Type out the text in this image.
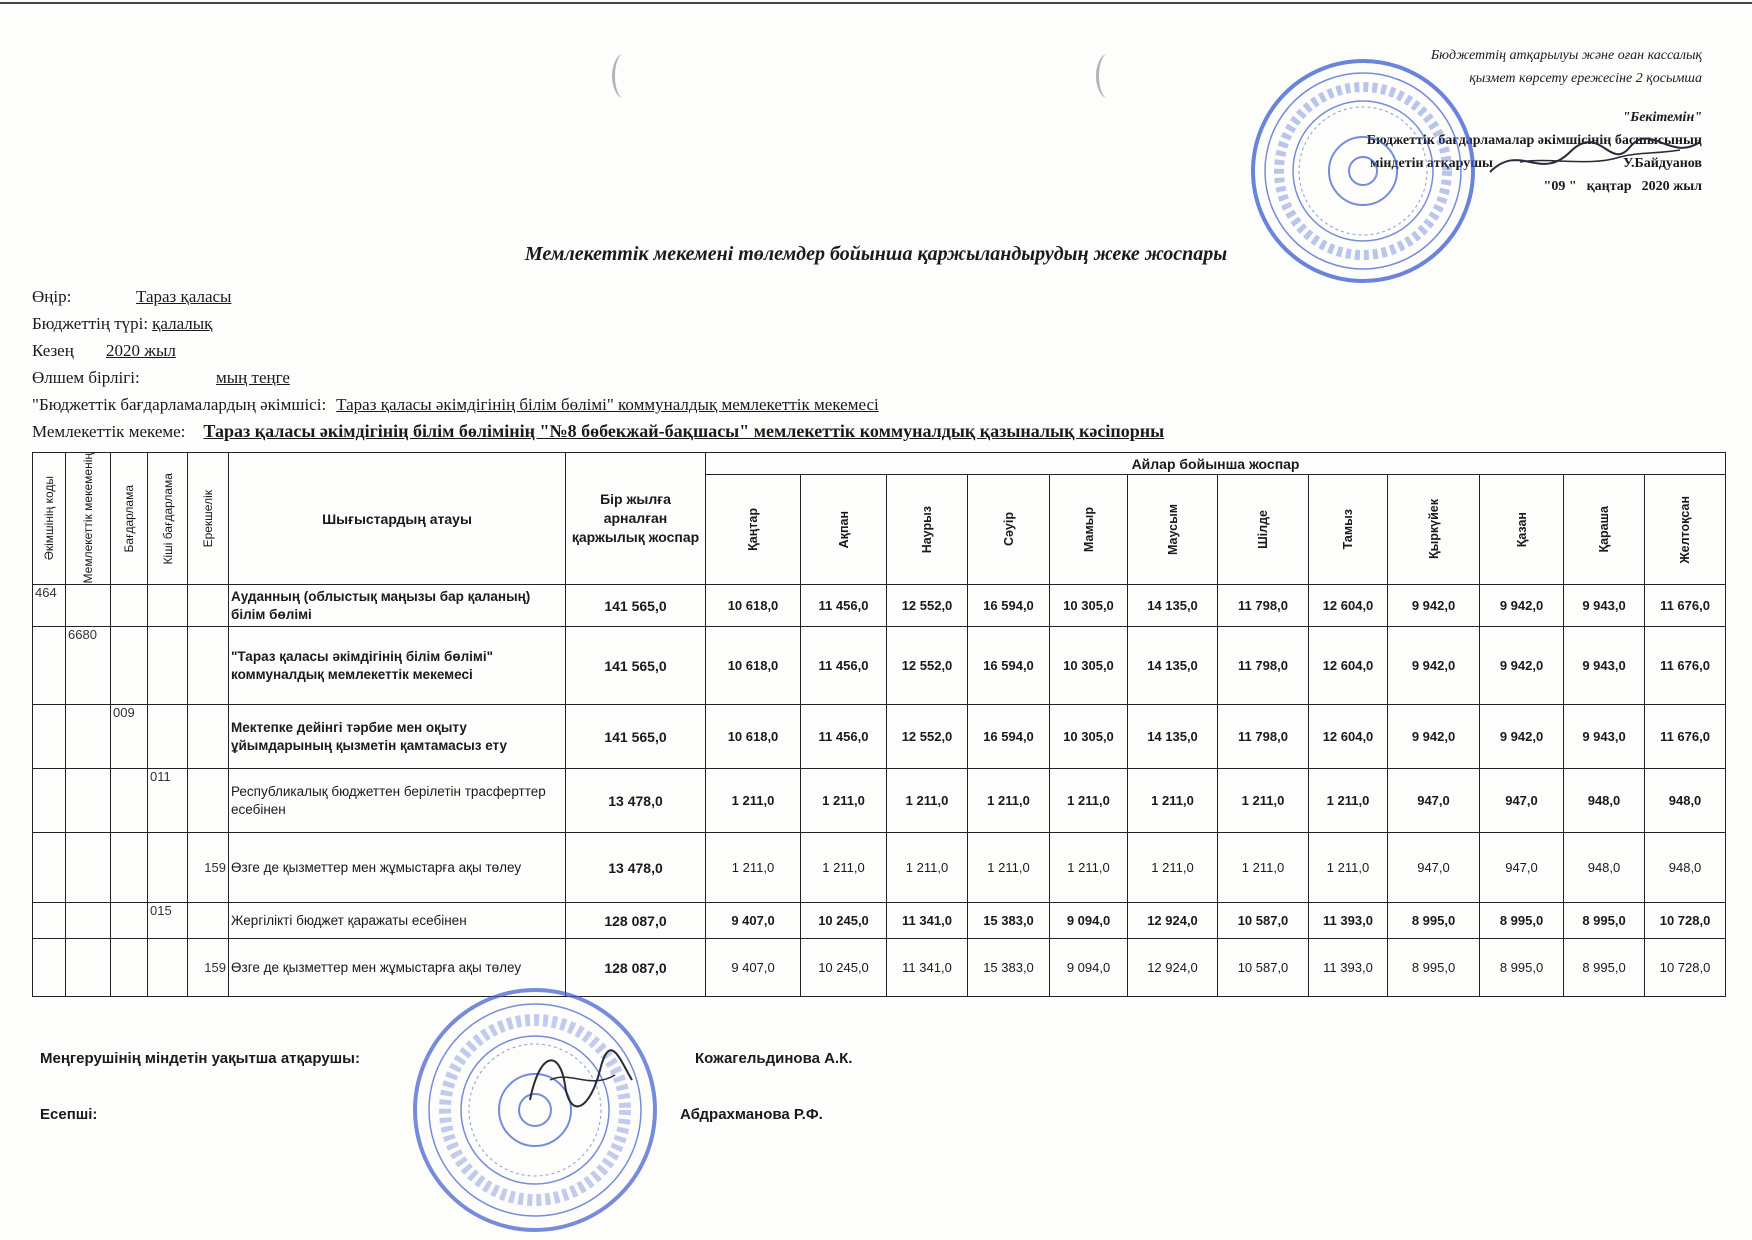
Бюджеттің атқарылуы және оған кассалық
қызмет көрсету ережесіне 2 қосымша
"Бекітемін"
Бюджеттік бағдарламалар әкімшісінің басшысының
міндетін атқарушы	У.Байдуанов
"09 " қаңтар 2020 жыл
Мемлекеттік мекемені төлемдер бойынша қаржыландырудың жеке жоспары
Өңір:	Тараз қаласы
Бюджеттің түрі: қалалық
Кезең	2020 жыл
Өлшем бірлігі:	мың теңге
"Бюджеттік бағдарламалардың әкімшісі: Тараз қаласы әкімдігінің білім бөлімі" коммуналдық мемлекеттік мекемесі
Мемлекеттік мекеме: Тараз қаласы әкімдігінің білім бөлімінің "№8 бөбекжай-бақшасы" мемлекеттік коммуналдық қазыналық кәсіпорны
Әкімшінің коды	Мемлекеттік мекеменің	Бағдарлама	Кіші бағдарлама	Ерекшелік	Шығыстардың атауы	Бір жылға арналған қаржылық жоспар	Айлар бойынша жоспар											

							Қаңтар	Ақпан	Наурыз	Сәуір	Мамыр	Маусым	Шілде	Тамыз	Қыркүйек	Қазан	Қараша	Желтоқсан

464					Ауданның (облыстық маңызы бар қаланың) білім бөлімі	141 565,0	10 618,0	11 456,0	12 552,0	16 594,0	10 305,0	14 135,0	11 798,0	12 604,0	9 942,0	9 942,0	9 943,0	11 676,0
	6680				"Тараз қаласы әкімдігінің білім бөлімі" коммуналдық мемлекеттік мекемесі	141 565,0	10 618,0	11 456,0	12 552,0	16 594,0	10 305,0	14 135,0	11 798,0	12 604,0	9 942,0	9 942,0	9 943,0	11 676,0
		009			Мектепке дейінгі тәрбие мен оқыту ұйымдарының қызметін қамтамасыз ету	141 565,0	10 618,0	11 456,0	12 552,0	16 594,0	10 305,0	14 135,0	11 798,0	12 604,0	9 942,0	9 942,0	9 943,0	11 676,0
			011		Республикалық бюджеттен берілетін трасферттер есебінен	13 478,0	1 211,0	1 211,0	1 211,0	1 211,0	1 211,0	1 211,0	1 211,0	1 211,0	947,0	947,0	948,0	948,0
				159	Өзге де қызметтер мен жұмыстарға ақы төлеу	13 478,0	1 211,0	1 211,0	1 211,0	1 211,0	1 211,0	1 211,0	1 211,0	1 211,0	947,0	947,0	948,0	948,0
			015		Жергілікті бюджет қаражаты есебінен	128 087,0	9 407,0	10 245,0	11 341,0	15 383,0	9 094,0	12 924,0	10 587,0	11 393,0	8 995,0	8 995,0	8 995,0	10 728,0
				159	Өзге де қызметтер мен жұмыстарға ақы төлеу	128 087,0	9 407,0	10 245,0	11 341,0	15 383,0	9 094,0	12 924,0	10 587,0	11 393,0	8 995,0	8 995,0	8 995,0	10 728,0
Меңгерушінің міндетін уақытша атқарушы:	Кожагельдинова А.К.
Есепші:	Абдрахманова Р.Ф.
